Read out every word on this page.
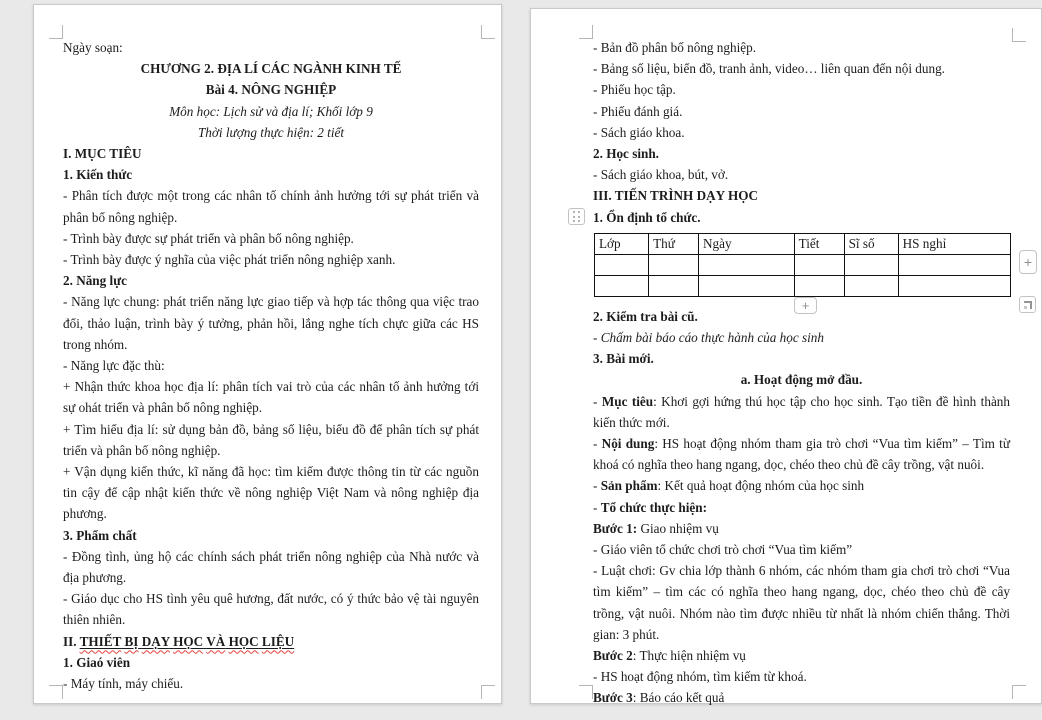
Ngày soạn:
CHƯƠNG 2. ĐỊA LÍ CÁC NGÀNH KINH TẾ
Bài 4. NÔNG NGHIỆP
Môn học: Lịch sử và địa lí; Khối lớp 9
Thời lượng thực hiện: 2 tiết
I. MỤC TIÊU
1. Kiến thức
- Phân tích được một trong các nhân tố chính ảnh hưởng tới sự phát triển và phân bố nông nghiệp.
- Trình bày được sự phát triển và phân bố nông nghiệp.
- Trình bày được ý nghĩa của việc phát triển nông nghiệp xanh.
2. Năng lực
- Năng lực chung: phát triển năng lực giao tiếp và hợp tác thông qua việc trao đổi, thảo luận, trình bày ý tưởng, phản hồi, lắng nghe tích chực giữa các HS trong nhóm.
- Năng lực đặc thù:
+ Nhận thức khoa học địa lí: phân tích vai trò của các nhân tố ảnh hưởng tới sự ohát triển và phân bố nông nghiệp.
+ Tìm hiểu địa lí: sử dụng bản đồ, bảng số liệu, biểu đồ để phân tích sự phát triển và phân bố nông nghiệp.
+ Vận dụng kiến thức, kĩ năng đã học: tìm kiếm được thông tin từ các nguồn tin cậy để cập nhật kiến thức về nông nghiệp Việt Nam và nông nghiệp địa phương.
3. Phẩm chất
- Đồng tình, ủng hộ các chính sách phát triển nông nghiệp của Nhà nước và địa phương.
- Giáo dục cho HS tình yêu quê hương, đất nước, có ý thức bảo vệ tài nguyên thiên nhiên.
II. THIẾT BỊ DẠY HỌC VÀ HỌC LIỆU
1. Giaó viên
- Máy tính, máy chiếu.
- Bản đồ phân bố nông nghiệp.
- Bảng số liệu, biển đồ, tranh ảnh, video… liên quan đến nội dung.
- Phiếu học tập.
- Phiếu đánh giá.
- Sách giáo khoa.
2. Học sinh.
- Sách giáo khoa, bút, vở.
III. TIẾN TRÌNH DẠY HỌC
1. Ổn định tổ chức.
Lớp	Thứ	Ngày	Tiết	Sĩ số	HS nghỉ

2. Kiểm tra bài cũ.
- Chấm bài báo cáo thực hành của học sinh
3. Bài mới.
a. Hoạt động mở đầu.
- Mục tiêu: Khơi gợi hứng thú học tập cho học sinh. Tạo tiền đề hình thành kiến thức mới.
- Nội dung: HS hoạt động nhóm tham gia trò chơi “Vua tìm kiếm” – Tìm từ khoá có nghĩa theo hang ngang, dọc, chéo theo chủ đề cây trồng, vật nuôi.
- Sản phẩm: Kết quả hoạt động nhóm của học sinh
- Tổ chức thực hiện:
Bước 1: Giao nhiệm vụ
- Giáo viên tổ chức chơi trò chơi “Vua tìm kiếm”
- Luật chơi: Gv chia lớp thành 6 nhóm, các nhóm tham gia chơi trò chơi “Vua tìm kiếm” – tìm các có nghĩa theo hang ngang, dọc, chéo theo chủ đề cây trồng, vật nuôi. Nhóm nào tìm được nhiều từ nhất là nhóm chiến thắng. Thời gian: 3 phút.
Bước 2: Thực hiện nhiệm vụ
- HS hoạt động nhóm, tìm kiếm từ khoá.
Bước 3: Báo cáo kết quả
+
+
